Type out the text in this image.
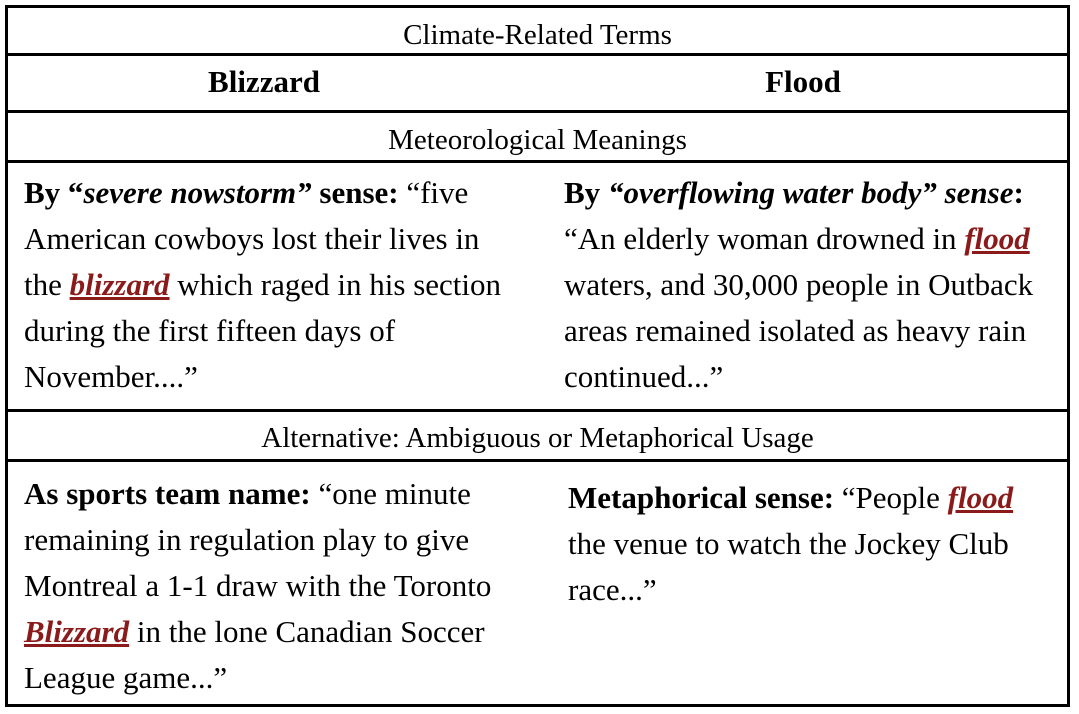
Climate-Related Terms
Blizzard	Flood
Meteorological Meanings
By “severe nowstorm” sense: “five American cowboys lost their lives in the blizzard which raged in his section during the first fifteen days of November....”
By “overflowing water body” sense: “An elderly woman drowned in flood waters, and 30,000 people in Outback areas remained isolated as heavy rain continued...”
Alternative: Ambiguous or Metaphorical Usage
As sports team name: “one minute remaining in regulation play to give Montreal a 1-1 draw with the Toronto Blizzard in the lone Canadian Soccer League game...”
Metaphorical sense: “People flood the venue to watch the Jockey Club race...”
